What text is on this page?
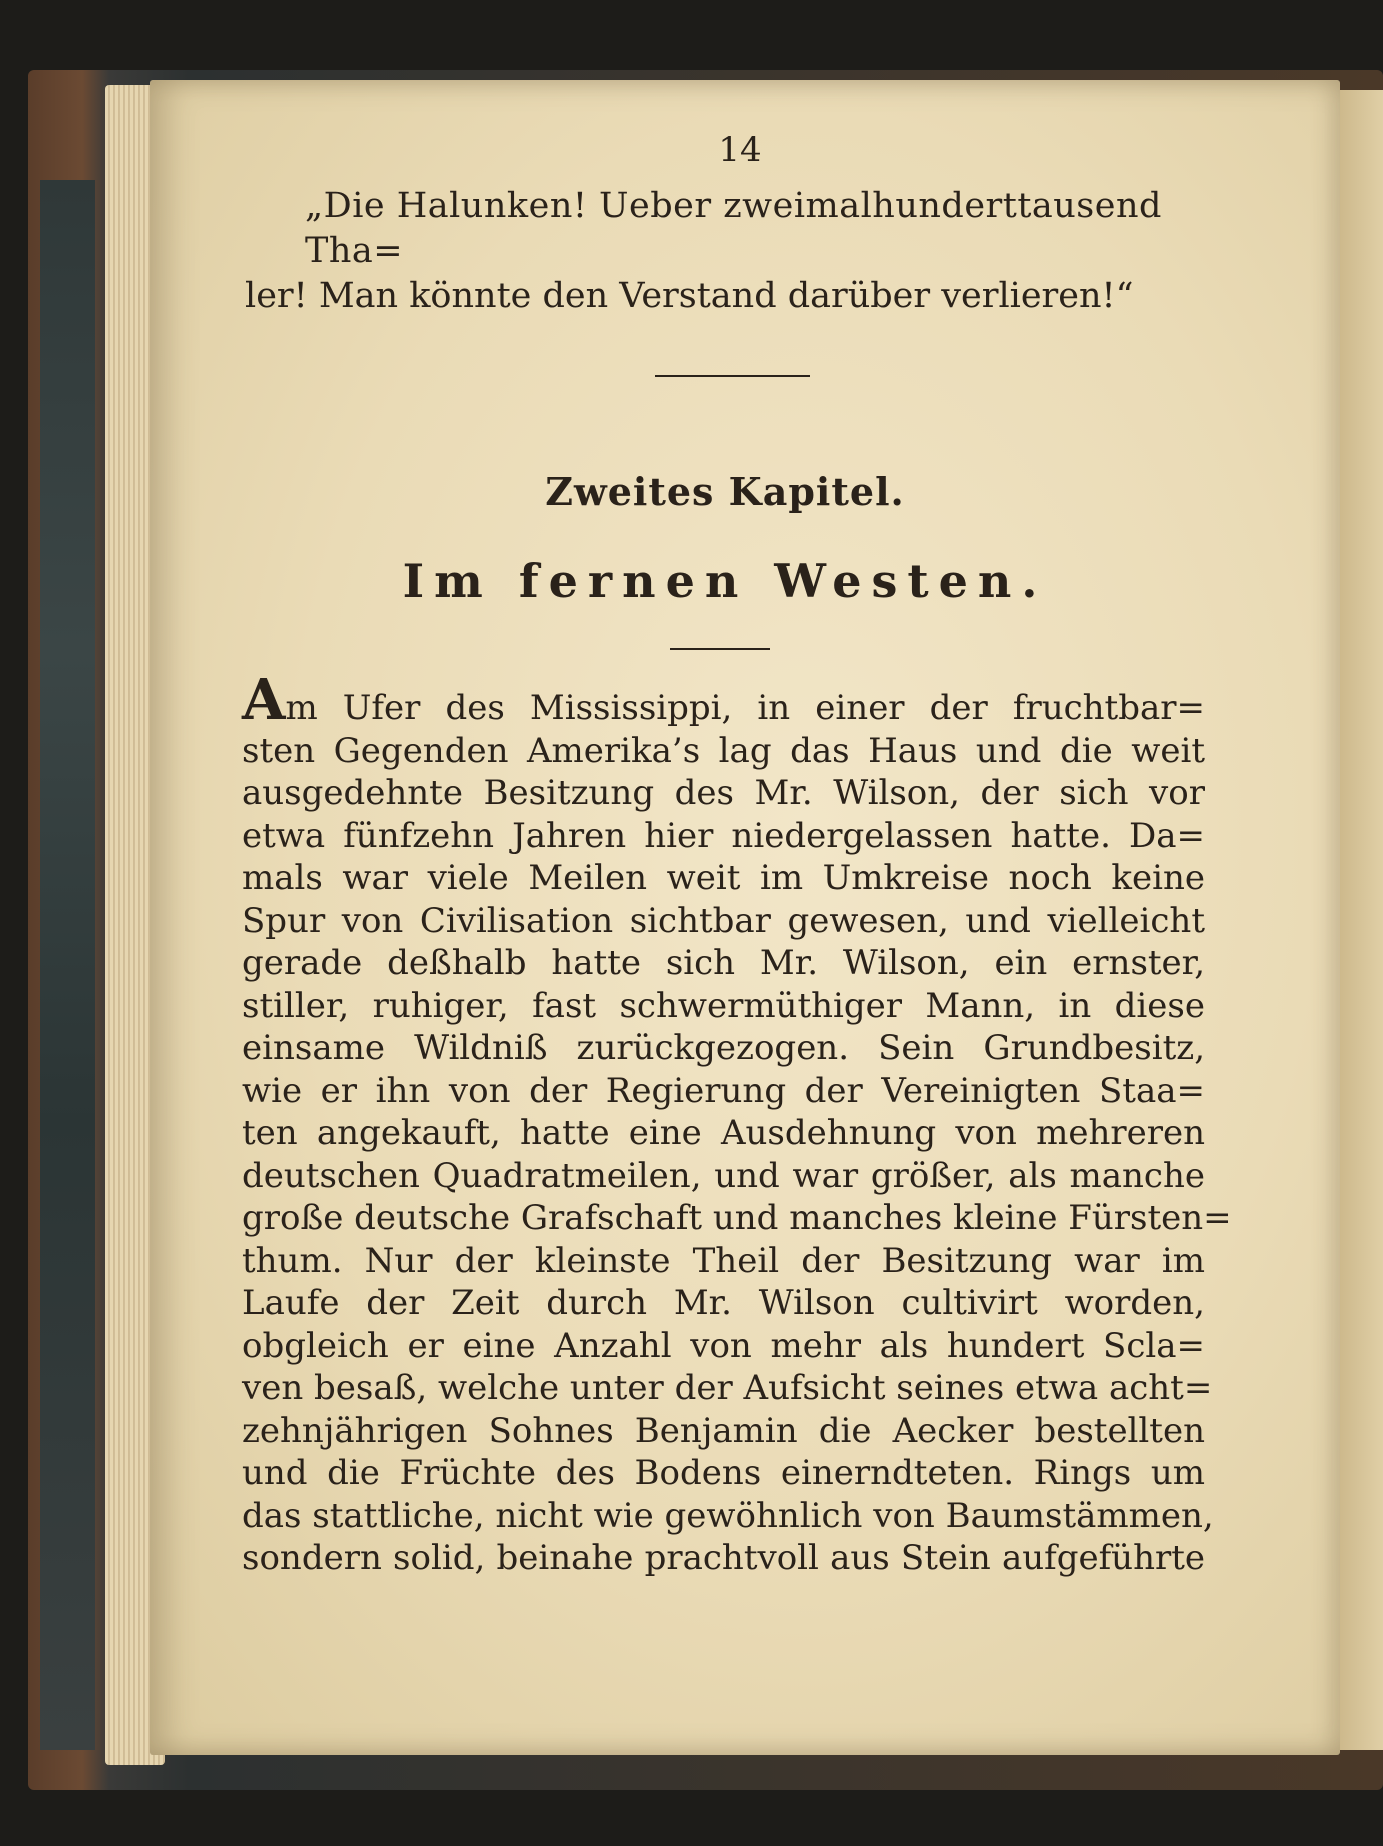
14

„Die Halunken! Ueber zweimalhunderttausend Tha=
ler! Man könnte den Verstand darüber verlieren!“

Zweites Kapitel.
Im fernen Westen.
Am Ufer des Mississippi, in einer der fruchtbar=
sten Gegenden Amerika’s lag das Haus und die weit
ausgedehnte Besitzung des Mr. Wilson, der sich vor
etwa fünfzehn Jahren hier niedergelassen hatte. Da=
mals war viele Meilen weit im Umkreise noch keine
Spur von Civilisation sichtbar gewesen, und vielleicht
gerade deßhalb hatte sich Mr. Wilson, ein ernster,
stiller, ruhiger, fast schwermüthiger Mann, in diese
einsame Wildniß zurückgezogen. Sein Grundbesitz,
wie er ihn von der Regierung der Vereinigten Staa=
ten angekauft, hatte eine Ausdehnung von mehreren
deutschen Quadratmeilen, und war größer, als manche
große deutsche Grafschaft und manches kleine Fürsten=
thum. Nur der kleinste Theil der Besitzung war im
Laufe der Zeit durch Mr. Wilson cultivirt worden,
obgleich er eine Anzahl von mehr als hundert Scla=
ven besaß, welche unter der Aufsicht seines etwa acht=
zehnjährigen Sohnes Benjamin die Aecker bestellten
und die Früchte des Bodens einerndteten. Rings um
das stattliche, nicht wie gewöhnlich von Baumstämmen,
sondern solid, beinahe prachtvoll aus Stein aufgeführte
